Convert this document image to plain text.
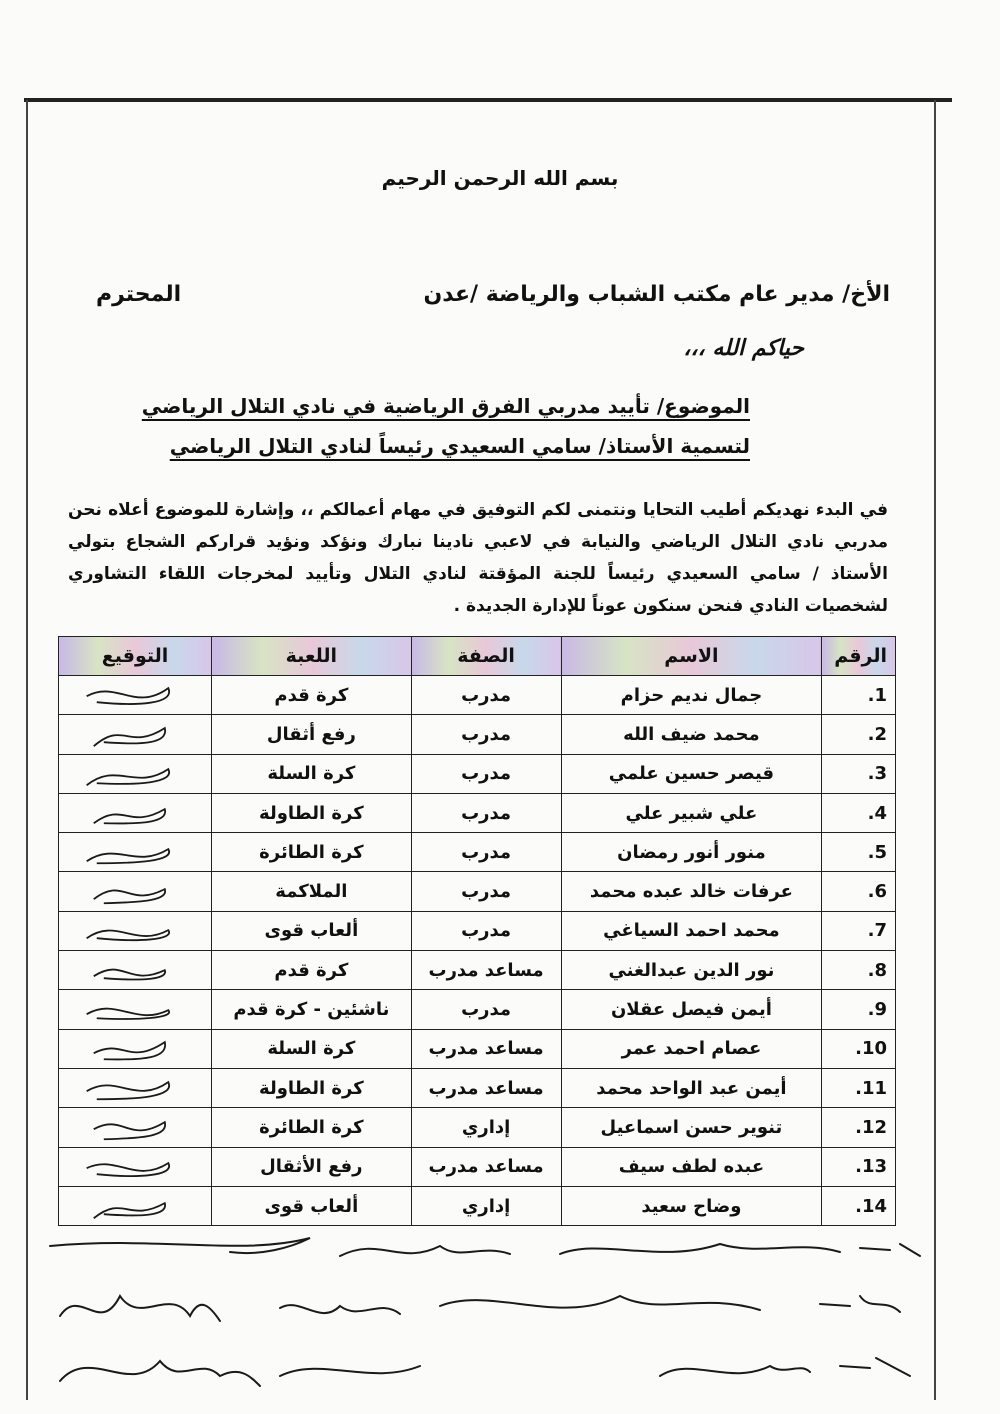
بسم الله الرحمن الرحيم
الأخ/ مدير عام مكتب الشباب والرياضة /عدن
المحترم
حياكم الله ،،،
الموضوع/ تأييد مدربي الفرق الرياضية في نادي التلال الرياضي
لتسمية الأستاذ/ سامي السعيدي رئيساً لنادي التلال الرياضي
في البدء نهديكم أطيب التحايا ونتمنى لكم التوفيق في مهام أعمالكم ،، وإشارة للموضوع أعلاه نحن مدربي نادي التلال الرياضي والنيابة في لاعبي نادينا نبارك ونؤكد ونؤيد قراركم الشجاع بتولي الأستاذ / سامي السعيدي رئيساً للجنة المؤقتة لنادي التلال وتأييد لمخرجات اللقاء التشاوري لشخصيات النادي فنحن سنكون عوناً للإدارة الجديدة .
الرقم	الاسم	الصفة	اللعبة	التوقيع
1.	جمال نديم حزام	مدرب	كرة قدم	

2.	محمد ضيف الله	مدرب	رفع أثقال	

3.	قيصر حسين علمي	مدرب	كرة السلة	

4.	علي شبير علي	مدرب	كرة الطاولة	

5.	منور أنور رمضان	مدرب	كرة الطائرة	

6.	عرفات خالد عبده محمد	مدرب	الملاكمة	

7.	محمد احمد السياغي	مدرب	ألعاب قوى	

8.	نور الدين عبدالغني	مساعد مدرب	كرة قدم	

9.	أيمن فيصل عقلان	مدرب	ناشئين - كرة قدم	

10.	عصام احمد عمر	مساعد مدرب	كرة السلة	

11.	أيمن عبد الواحد محمد	مساعد مدرب	كرة الطاولة	

12.	تنوير حسن اسماعيل	إداري	كرة الطائرة	

13.	عبده لطف سيف	مساعد مدرب	رفع الأثقال	

14.	وضاح سعيد	إداري	ألعاب قوى	
